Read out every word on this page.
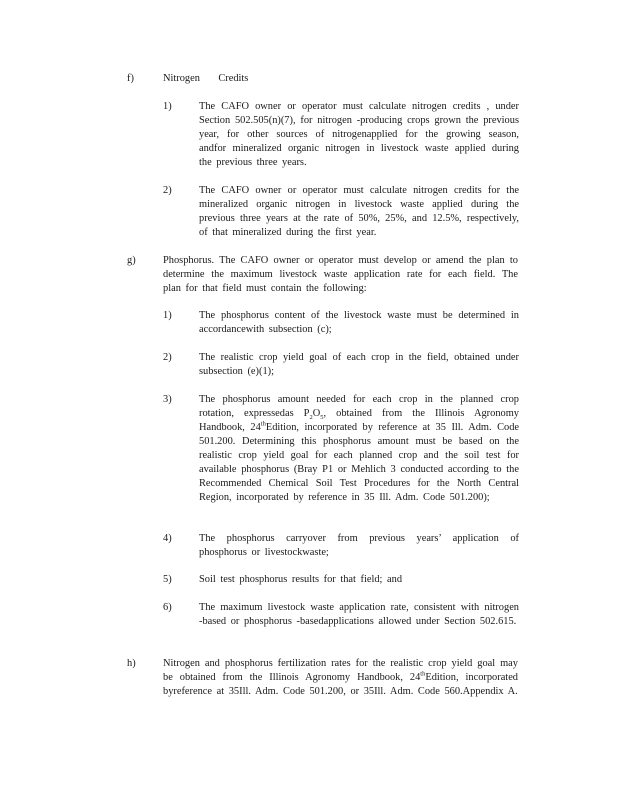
f)	Nitrogen    Credits
1)	The CAFO owner or operator must calculate nitrogen credits , under Section 502.505(n)(7), for nitrogen -producing crops grown the previous year, for other sources of nitrogenapplied for the growing season, andfor mineralized organic nitrogen in livestock waste applied during the previous three years.
2)	The CAFO owner or operator must calculate nitrogen credits for the mineralized organic nitrogen in livestock waste applied during the previous three years at the rate of 50%, 25%, and 12.5%, respectively, of that mineralized during the first year.
g)	Phosphorus. The CAFO owner or operator must develop or amend the plan to determine the maximum livestock waste application rate for each field. The plan for that field must contain the following:
1)	The phosphorus content of the livestock waste must be determined in accordancewith subsection (c);
2)	The realistic crop yield goal of each crop in the field, obtained under subsection (e)(1);
3)	The phosphorus amount needed for each crop in the planned crop rotation, expressedas $P_2O_5$, obtained from the Illinois Agronomy Handbook, 24thEdition, incorporated by reference at 35 Ill. Adm. Code 501.200. Determining this phosphorus amount must be based on the realistic crop yield goal for each planned crop and the soil test for available phosphorus (Bray P1 or Mehlich 3 conducted according to the Recommended Chemical Soil Test Procedures for the North Central Region, incorporated by reference in 35 Ill. Adm. Code 501.200);
4)	The phosphorus carryover from previous years’ application of phosphorus or livestockwaste;
5)	Soil test phosphorus results for that field; and
6)	The maximum livestock waste application rate, consistent with nitrogen -based or phosphorus -basedapplications allowed under Section 502.615.
h)	Nitrogen and phosphorus fertilization rates for the realistic crop yield goal may be obtained from the Illinois Agronomy Handbook, 24thEdition, incorporated byreference at 35Ill. Adm. Code 501.200, or 35Ill. Adm. Code 560.Appendix A.
